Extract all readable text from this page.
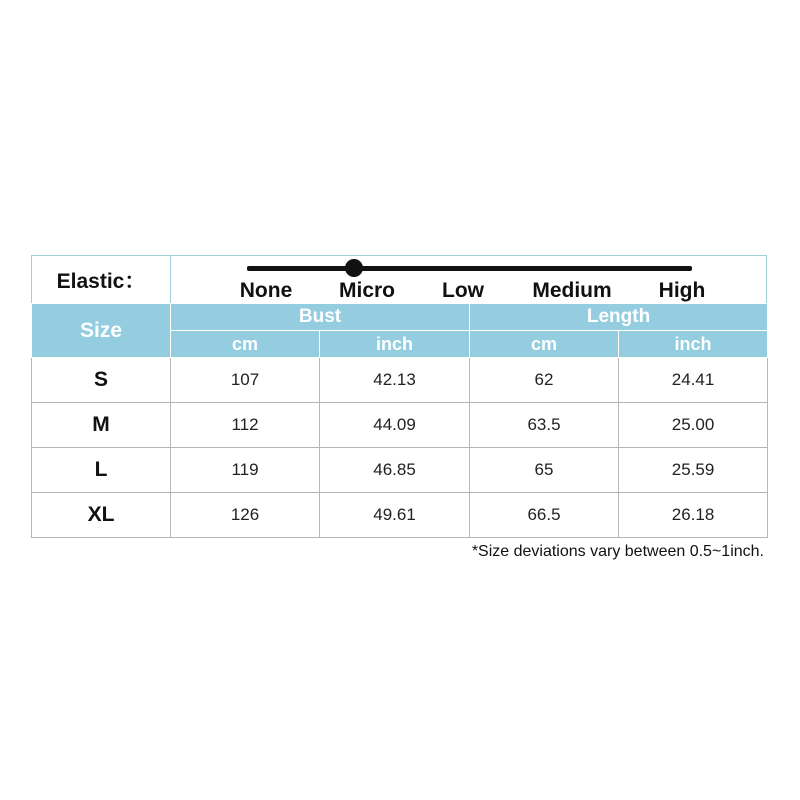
Elastic：	None Micro Low Medium High
Size	Bust		Length	
	cm	inch	cm	inch
S	107	42.13	62	24.41
M	112	44.09	63.5	25.00
L	119	46.85	65	25.59
XL	126	49.61	66.5	26.18
*Size deviations vary between 0.5~1inch.
